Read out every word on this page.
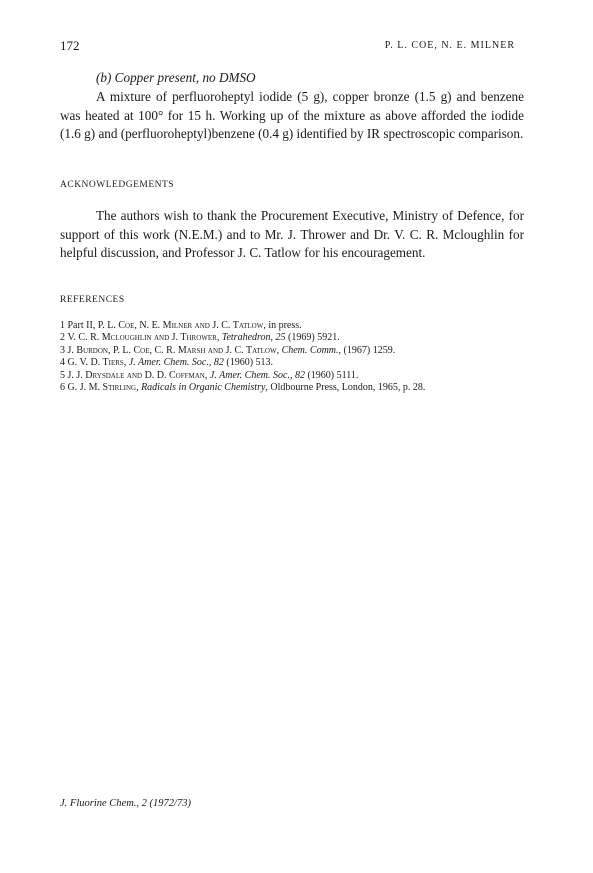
172	P. L. COE, N. E. MILNER
(b) Copper present, no DMSO
A mixture of perfluoroheptyl iodide (5 g), copper bronze (1.5 g) and benzene was heated at 100° for 15 h. Working up of the mixture as above afforded the iodide (1.6 g) and (perfluoroheptyl)benzene (0.4 g) identified by IR spectroscopic comparison.
ACKNOWLEDGEMENTS
The authors wish to thank the Procurement Executive, Ministry of Defence, for support of this work (N.E.M.) and to Mr. J. Thrower and Dr. V. C. R. Mcloughlin for helpful discussion, and Professor J. C. Tatlow for his encouragement.
REFERENCES
1 Part II, P. L. Coe, N. E. Milner and J. C. Tatlow, in press.
2 V. C. R. Mcloughlin and J. Thrower, Tetrahedron, 25 (1969) 5921.
3 J. Burdon, P. L. Coe, C. R. Marsh and J. C. Tatlow, Chem. Comm., (1967) 1259.
4 G. V. D. Tiers, J. Amer. Chem. Soc., 82 (1960) 513.
5 J. J. Drysdale and D. D. Coffman, J. Amer. Chem. Soc., 82 (1960) 5111.
6 G. J. M. Stirling, Radicals in Organic Chemistry, Oldbourne Press, London, 1965, p. 28.
J. Fluorine Chem., 2 (1972/73)
